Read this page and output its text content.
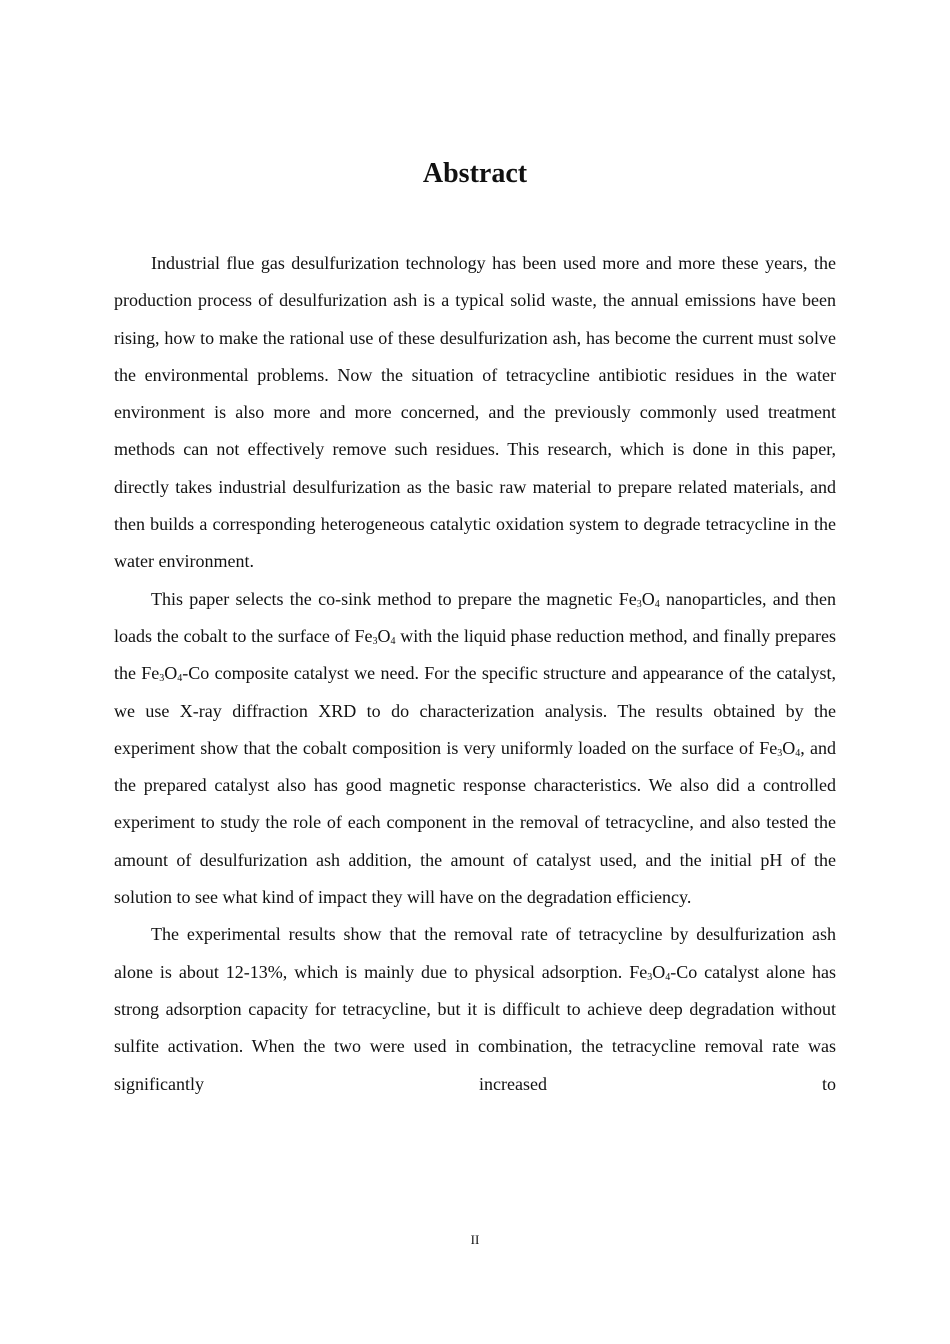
Abstract

Industrial flue gas desulfurization technology has been used more and more these years, the production process of desulfurization ash is a typical solid waste, the annual emissions have been rising, how to make the rational use of these desulfurization ash, has become the current must solve the environmental problems. Now the situation of tetracycline antibiotic residues in the water environment is also more and more concerned, and the previously commonly used treatment methods can not effectively remove such residues. This research, which is done in this paper, directly takes industrial desulfurization as the basic raw material to prepare related materials, and then builds a corresponding heterogeneous catalytic oxidation system to degrade tetracycline in the water environment.

This paper selects the co-sink method to prepare the magnetic $Fe_3O_4$ nanoparticles, and then loads the cobalt to the surface of $Fe_3O_4$ with the liquid phase reduction method, and finally prepares the $Fe_3O_4-Co$ composite catalyst we need. For the specific structure and appearance of the catalyst, we use X-ray diffraction XRD to do characterization analysis. The results obtained by the experiment show that the cobalt composition is very uniformly loaded on the surface of $Fe_3O_4$, and the prepared catalyst also has good magnetic response characteristics. We also did a controlled experiment to study the role of each component in the removal of tetracycline, and also tested the amount of desulfurization ash addition, the amount of catalyst used, and the initial pH of the solution to see what kind of impact they will have on the degradation efficiency.

The experimental results show that the removal rate of tetracycline by desulfurization ash alone is about 12-13%, which is mainly due to physical adsorption. $Fe_3O_4-Co$ catalyst alone has strong adsorption capacity for tetracycline, but it is difficult to achieve deep degradation without sulfite activation. When the two were used in combination, the tetracycline removal rate was significantly increased to

II
